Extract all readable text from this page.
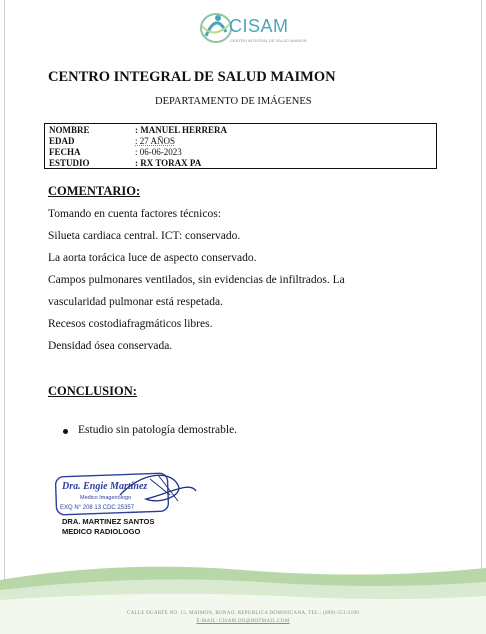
CISAM
CENTRO INTEGRAL DE SALUD MAIMON
CENTRO INTEGRAL DE SALUD MAIMON
DEPARTAMENTO DE IMÁGENES
NOMBRE	: MANUEL HERRERA
EDAD	: 27 AÑOS
FECHA	: 06-06-2023
ESTUDIO	: RX TORAX PA
COMENTARIO:
Tomando en cuenta factores técnicos:
Silueta cardiaca central. ICT: conservado.
La aorta torácica luce de aspecto conservado.
Campos pulmonares ventilados, sin evidencias de infiltrados. La
vascularidad pulmonar está respetada.
Recesos costodiafragmáticos libres.
Densidad ósea conservada.
CONCLUSION:
Estudio sin patología demostrable.
Dra. Engie Martínez
Medico Imagenólogo
EXQ N° 208 13 CDC 25357
DRA. MARTINEZ SANTOS
MEDICO RADIOLOGO
CALLE DUARTE NO. 15, MAIMÓN, BONAO, REPUBLICA DOMINICANA, TEL.: (809)-551-2190
E-MAIL: CISAM.DO@HOTMAIL.COM
